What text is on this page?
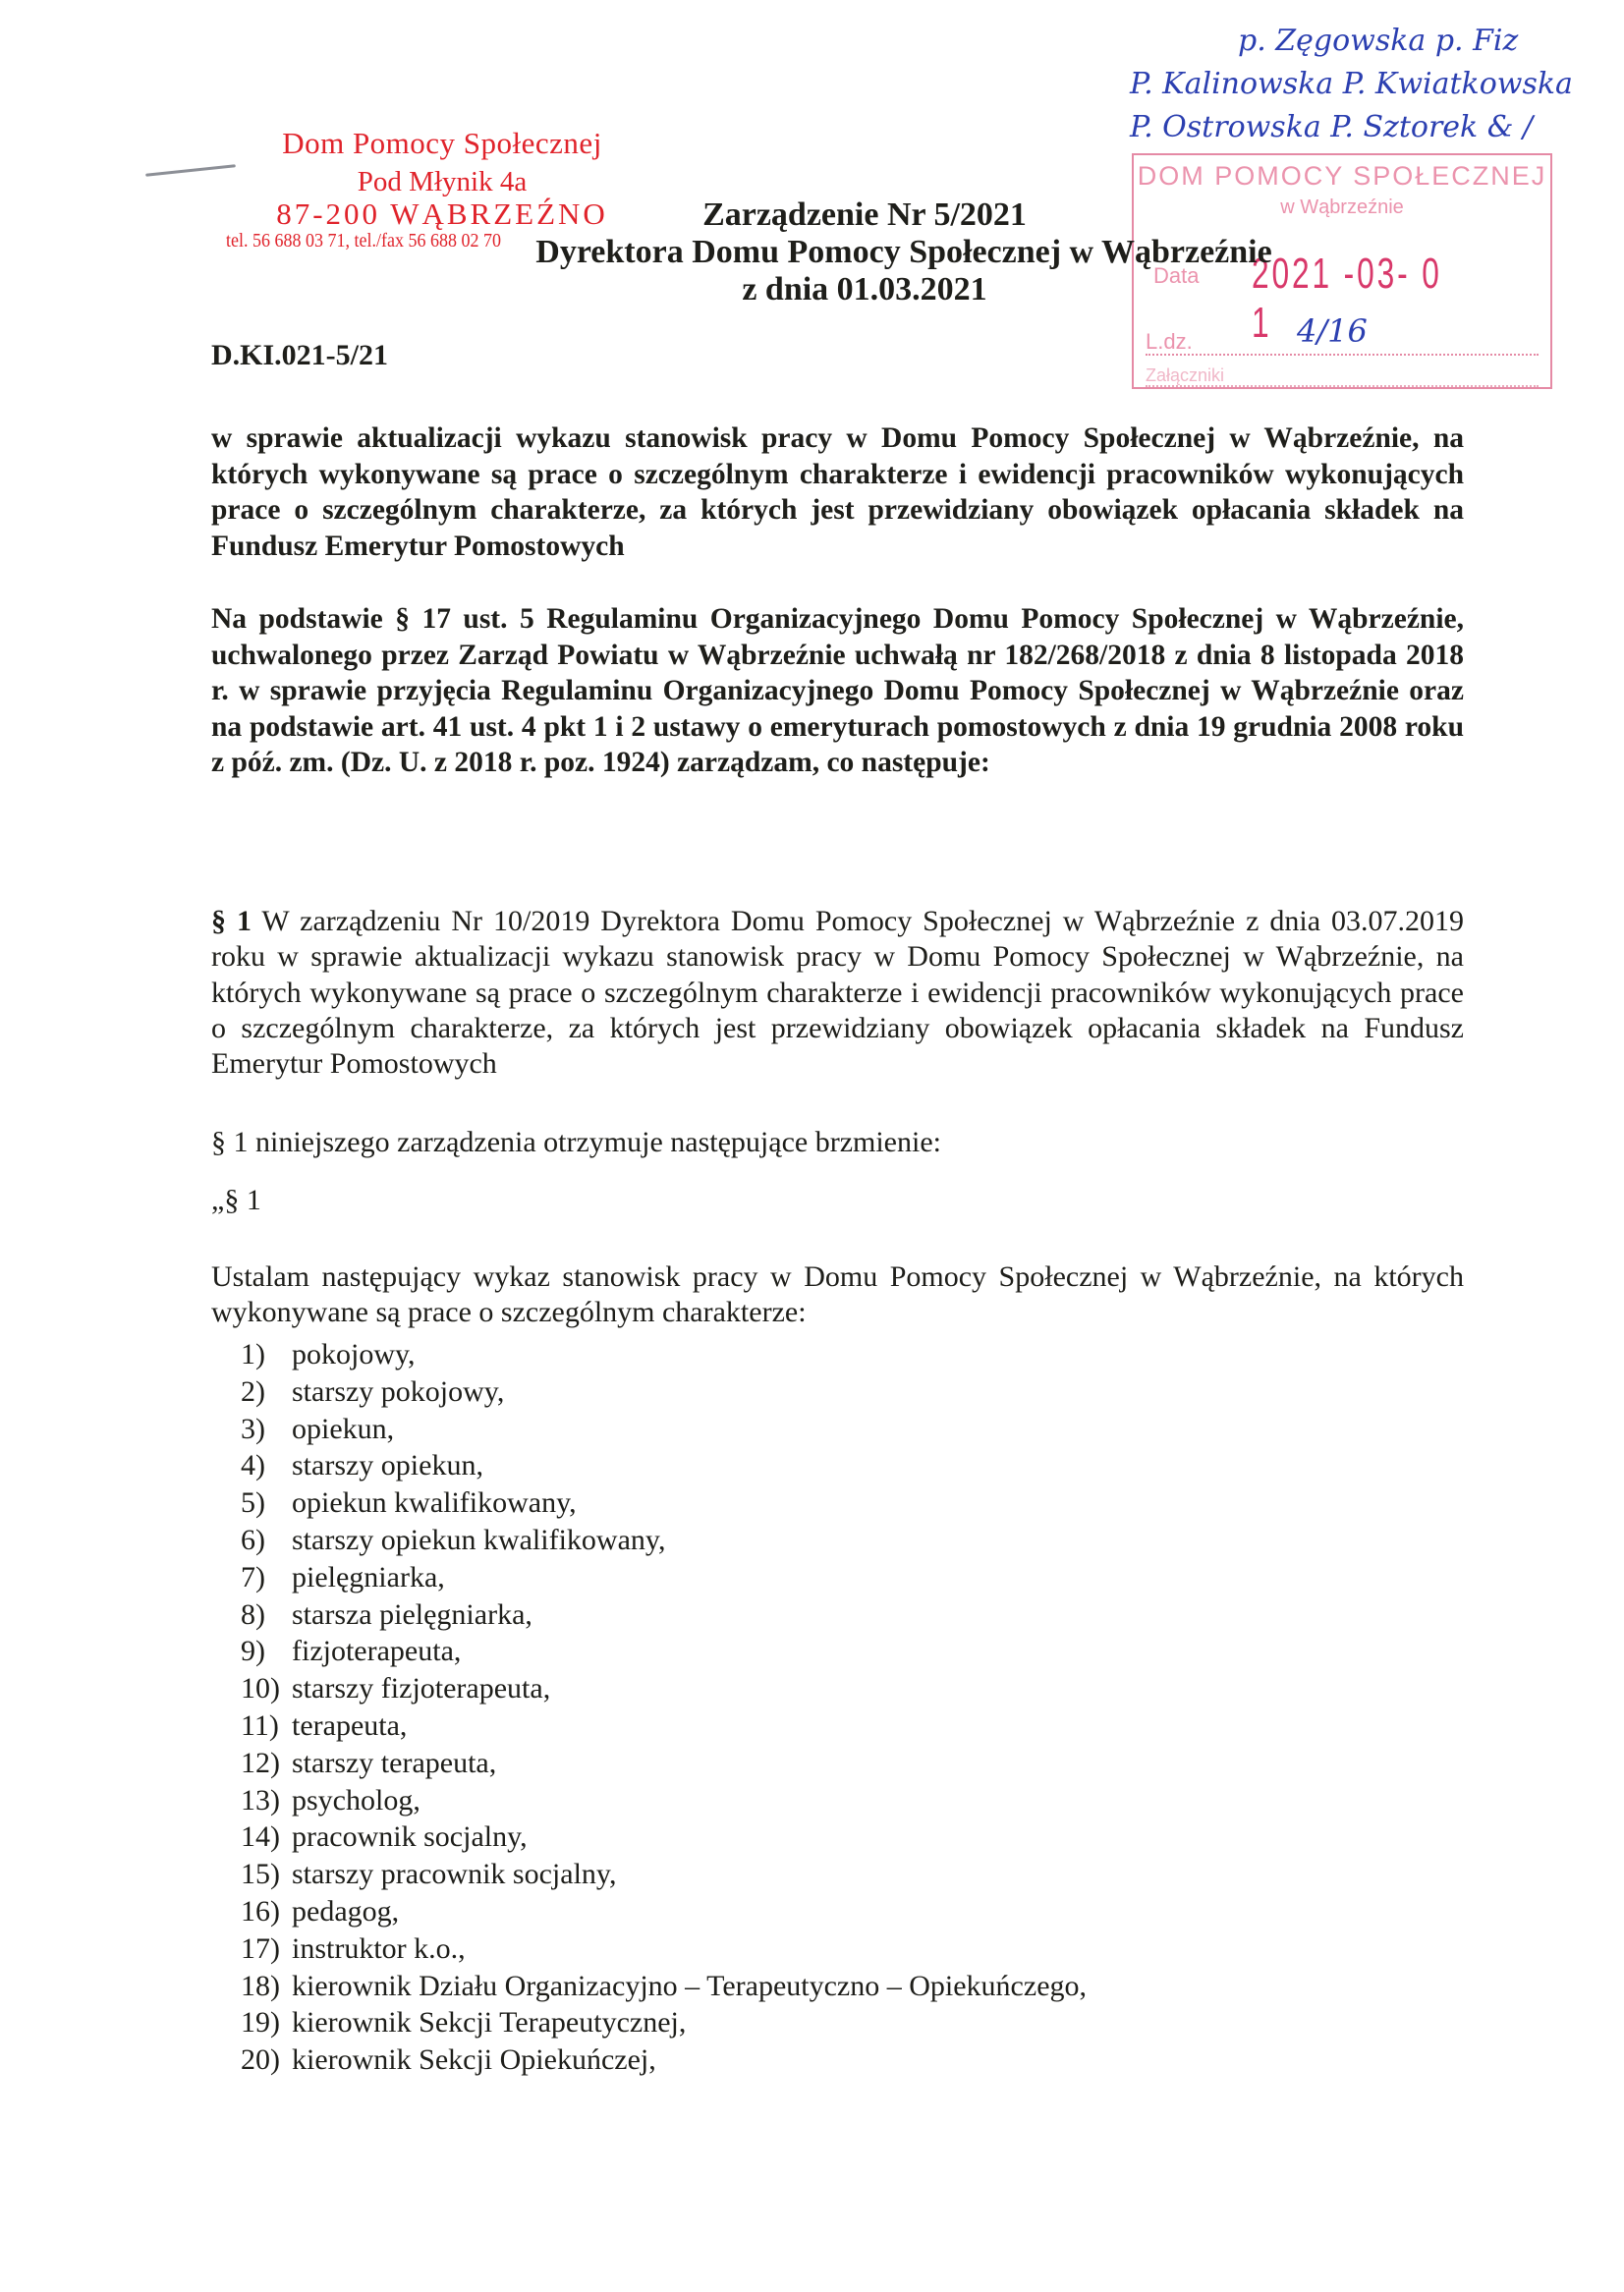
p. Zęgowska p. Fiz
P. Kalinowska P. Kwiatkowska
P. Ostrowska P. Sztorek & /
Dom Pomocy Społecznej
Pod Młynik 4a
87-200 WĄBRZEŹNO
tel. 56 688 03 71, tel./fax 56 688 02 70
DOM POMOCY SPOŁECZNEJ
w Wąbrzeźnie
Data 2021 -03- 0 1
L.dz.
Załączniki
4/16
Zarządzenie Nr 5/2021
Dyrektora Domu Pomocy Społecznej w Wąbrzeźnie
z dnia 01.03.2021
D.KI.021-5/21
w sprawie aktualizacji wykazu stanowisk pracy w Domu Pomocy Społecznej w Wąbrzeźnie, na których wykonywane są prace o szczególnym charakterze i ewidencji pracowników wykonujących prace o szczególnym charakterze, za których jest przewidziany obowiązek opłacania składek na Fundusz Emerytur Pomostowych
Na podstawie § 17 ust. 5 Regulaminu Organizacyjnego Domu Pomocy Społecznej w Wąbrzeźnie, uchwalonego przez Zarząd Powiatu w Wąbrzeźnie uchwałą nr 182/268/2018 z dnia 8 listopada 2018 r. w sprawie przyjęcia Regulaminu Organizacyjnego Domu Pomocy Społecznej w Wąbrzeźnie oraz na podstawie art. 41 ust. 4 pkt 1 i 2 ustawy o emeryturach pomostowych z dnia 19 grudnia 2008 roku z póź. zm. (Dz. U. z 2018 r. poz. 1924) zarządzam, co następuje:
§ 1 W zarządzeniu Nr 10/2019 Dyrektora Domu Pomocy Społecznej w Wąbrzeźnie z dnia 03.07.2019 roku w sprawie aktualizacji wykazu stanowisk pracy w Domu Pomocy Społecznej w Wąbrzeźnie, na których wykonywane są prace o szczególnym charakterze i ewidencji pracowników wykonujących prace o szczególnym charakterze, za których jest przewidziany obowiązek opłacania składek na Fundusz Emerytur Pomostowych
§ 1 niniejszego zarządzenia otrzymuje następujące brzmienie:
„§ 1
Ustalam następujący wykaz stanowisk pracy w Domu Pomocy Społecznej w Wąbrzeźnie, na których wykonywane są prace o szczególnym charakterze:
1) pokojowy,
2) starszy pokojowy,
3) opiekun,
4) starszy opiekun,
5) opiekun kwalifikowany,
6) starszy opiekun kwalifikowany,
7) pielęgniarka,
8) starsza pielęgniarka,
9) fizjoterapeuta,
10) starszy fizjoterapeuta,
11) terapeuta,
12) starszy terapeuta,
13) psycholog,
14) pracownik socjalny,
15) starszy pracownik socjalny,
16) pedagog,
17) instruktor k.o.,
18) kierownik Działu Organizacyjno – Terapeutyczno – Opiekuńczego,
19) kierownik Sekcji Terapeutycznej,
20) kierownik Sekcji Opiekuńczej,
